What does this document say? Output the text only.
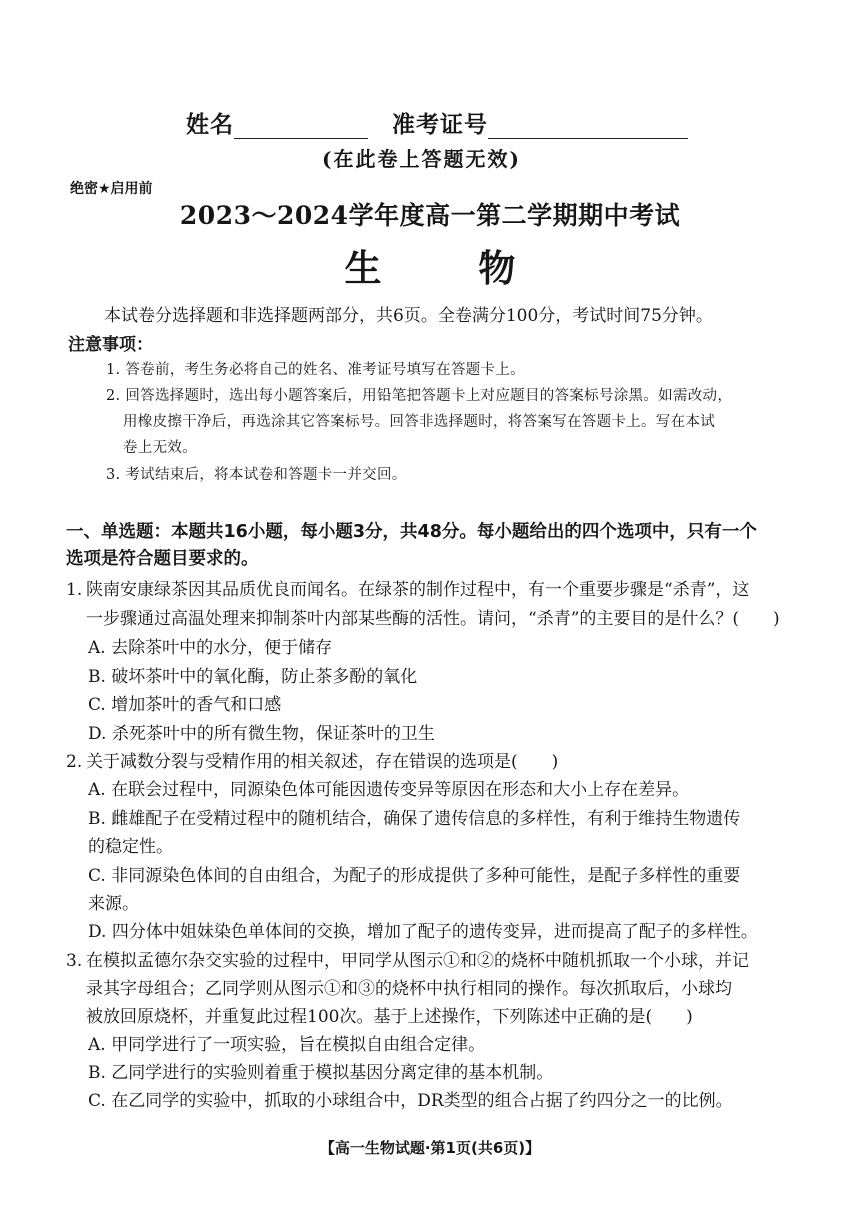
姓名	准考证号
(在此卷上答题无效)
绝密★启用前
2023～2024学年度高一第二学期期中考试
生 物
本试卷分选择题和非选择题两部分，共6页。全卷满分100分，考试时间75分钟。
注意事项：
1. 答卷前，考生务必将自己的姓名、准考证号填写在答题卡上。
2. 回答选择题时，选出每小题答案后，用铅笔把答题卡上对应题目的答案标号涂黑。如需改动，
用橡皮擦干净后，再选涂其它答案标号。回答非选择题时，将答案写在答题卡上。写在本试
卷上无效。
3. 考试结束后，将本试卷和答题卡一并交回。
一、单选题：本题共16小题，每小题3分，共48分。每小题给出的四个选项中，只有一个
选项是符合题目要求的。
1. 陕南安康绿茶因其品质优良而闻名。在绿茶的制作过程中，有一个重要步骤是“杀青”，这
一步骤通过高温处理来抑制茶叶内部某些酶的活性。请问，“杀青”的主要目的是什么？(　　)
A. 去除茶叶中的水分，便于储存
B. 破坏茶叶中的氧化酶，防止茶多酚的氧化
C. 增加茶叶的香气和口感
D. 杀死茶叶中的所有微生物，保证茶叶的卫生
2. 关于减数分裂与受精作用的相关叙述，存在错误的选项是(　　)
A. 在联会过程中，同源染色体可能因遗传变异等原因在形态和大小上存在差异。
B. 雌雄配子在受精过程中的随机结合，确保了遗传信息的多样性，有利于维持生物遗传
的稳定性。
C. 非同源染色体间的自由组合，为配子的形成提供了多种可能性，是配子多样性的重要
来源。
D. 四分体中姐妹染色单体间的交换，增加了配子的遗传变异，进而提高了配子的多样性。
3. 在模拟孟德尔杂交实验的过程中，甲同学从图示①和②的烧杯中随机抓取一个小球，并记
录其字母组合；乙同学则从图示①和③的烧杯中执行相同的操作。每次抓取后，小球均
被放回原烧杯，并重复此过程100次。基于上述操作，下列陈述中正确的是(　　)
A. 甲同学进行了一项实验，旨在模拟自由组合定律。
B. 乙同学进行的实验则着重于模拟基因分离定律的基本机制。
C. 在乙同学的实验中，抓取的小球组合中，DR类型的组合占据了约四分之一的比例。
【高一生物试题·第1页(共6页)】
